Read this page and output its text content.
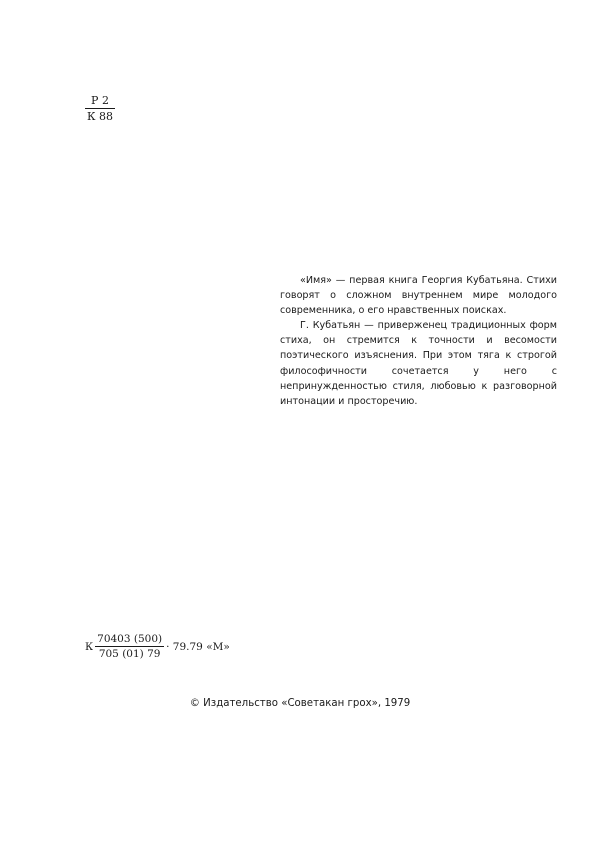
Р 2
К 88

«Имя» — первая книга Георгия Кубатьяна. Стихи говорят о сложном внутреннем мире молодого современника, о его нравственных поисках.

Г. Кубатьян — приверженец традиционных форм стиха, он стремится к точности и весомости поэтического изъяснения. При этом тяга к строгой философичности сочетается у него с непринужденностью стиля, любовью к разговорной интонации и просторечию.

К $\frac{70403 (500)}{705 (01) 79} \cdot 79.79$ «М»
© Издательство «Советакан грох», 1979
